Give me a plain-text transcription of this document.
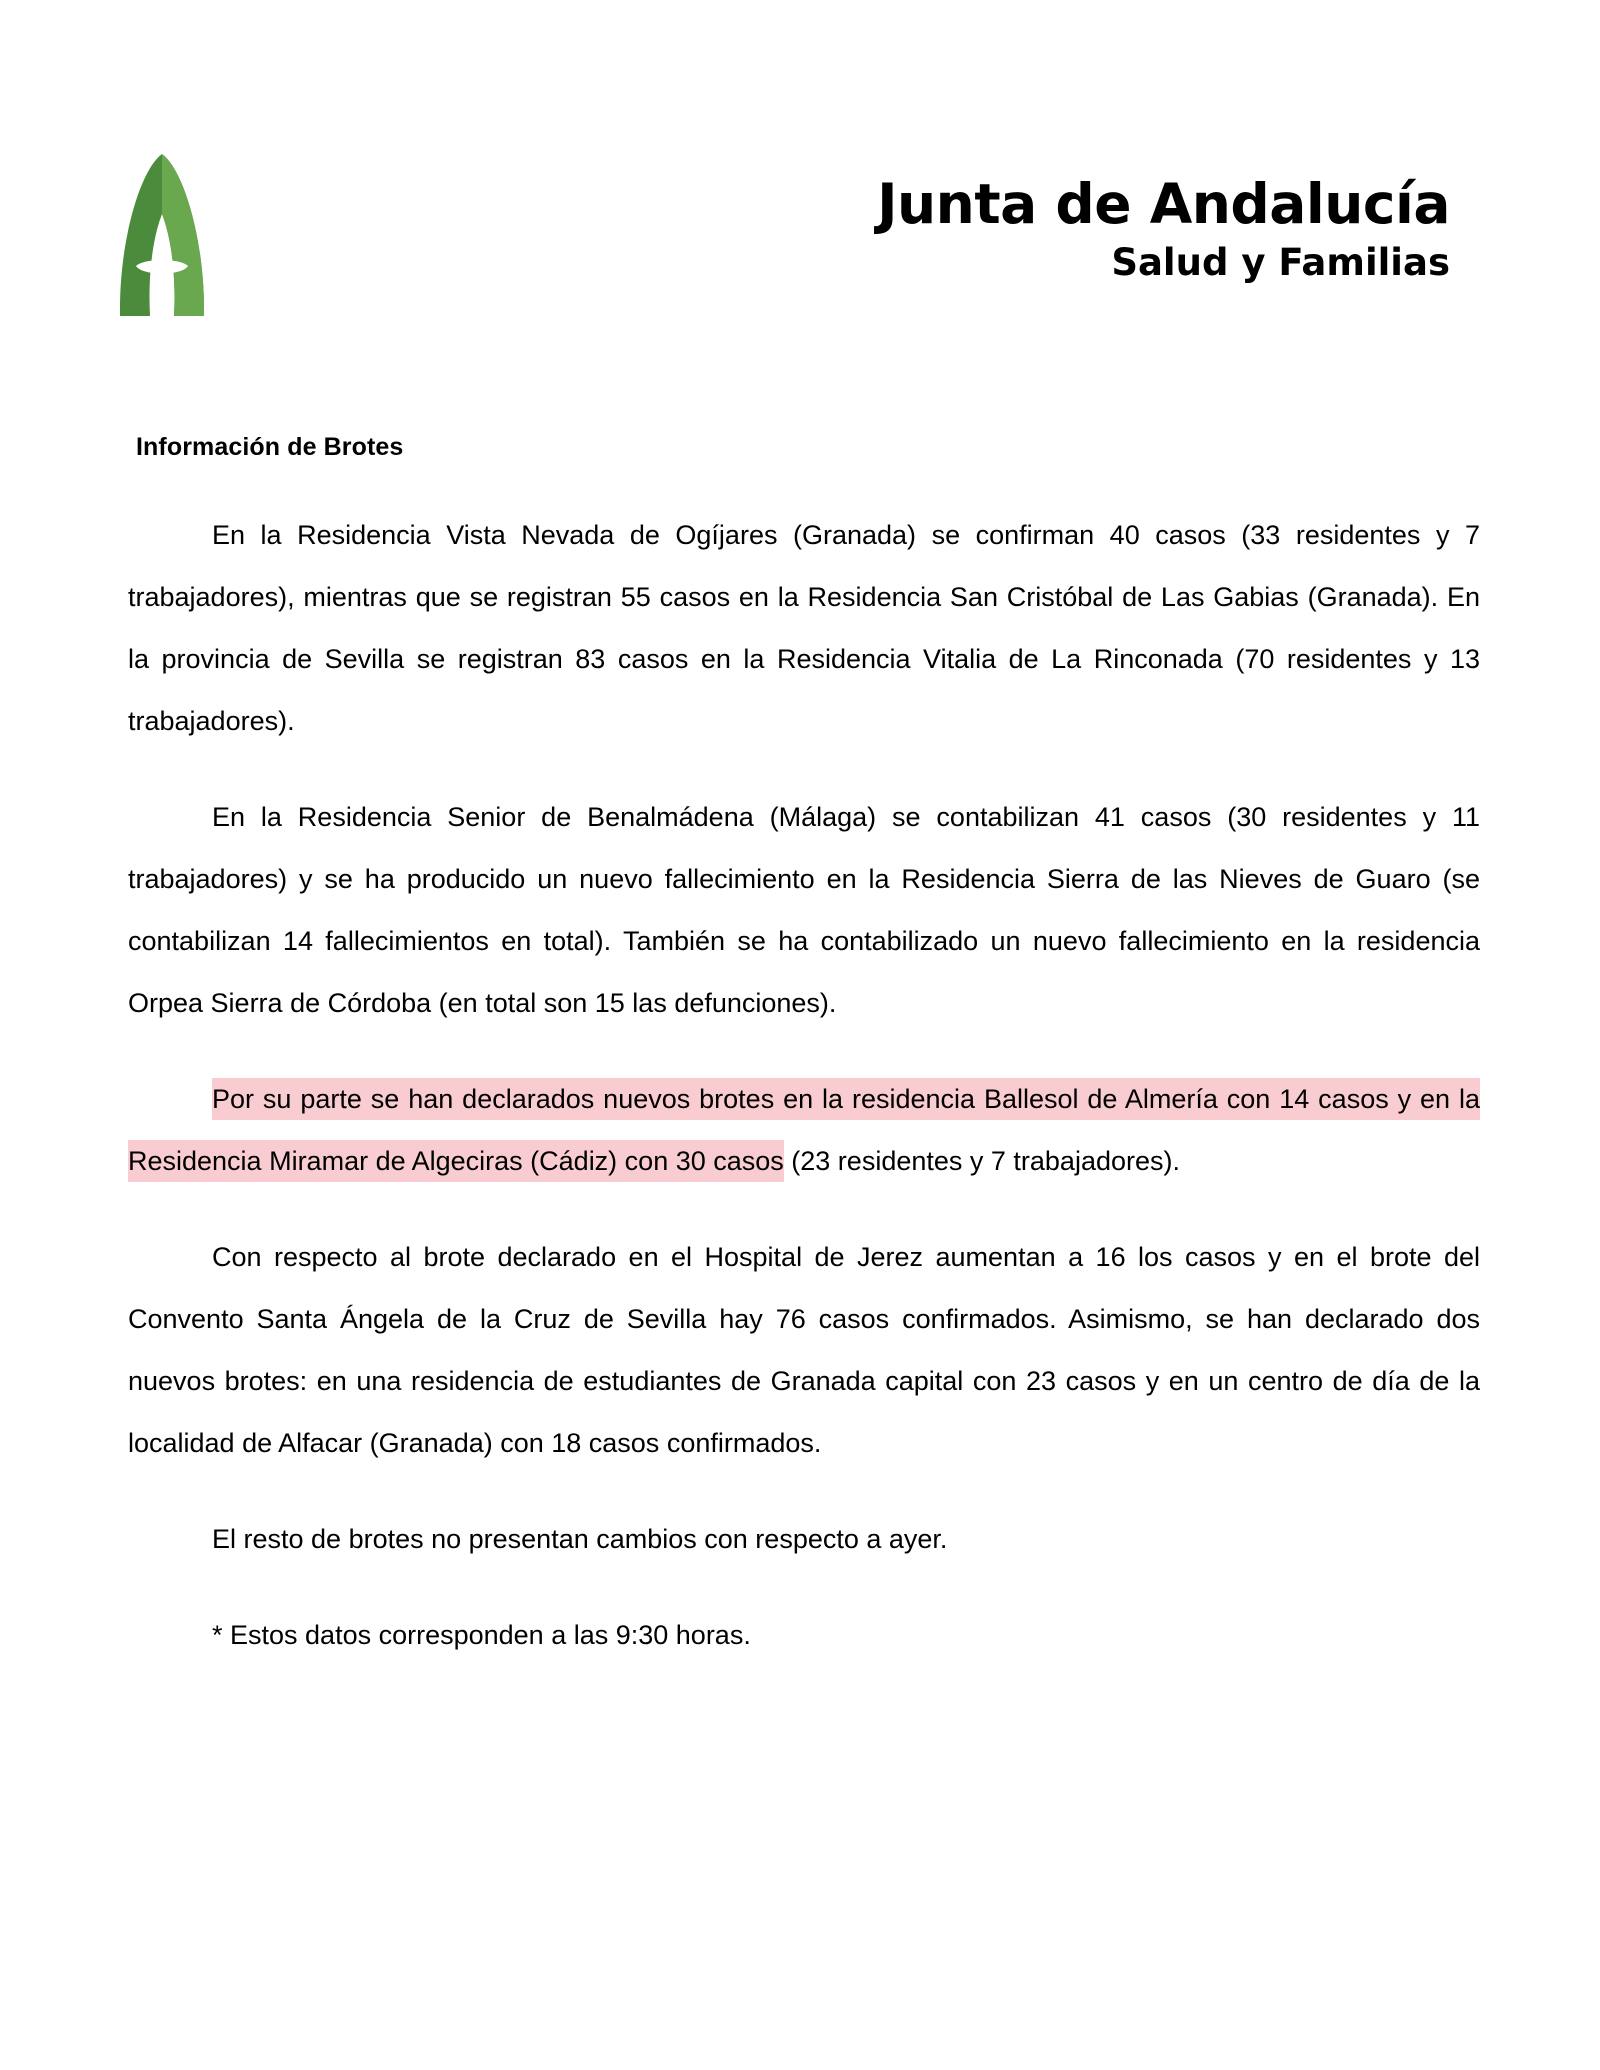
Junta de Andalucía
Salud y Familias
Información de Brotes

En la Residencia Vista Nevada de Ogíjares (Granada) se confirman 40 casos (33 residentes y 7 trabajadores), mientras que se registran 55 casos en la Residencia San Cristóbal de Las Gabias (Granada). En la provincia de Sevilla se registran 83 casos en la Residencia Vitalia de La Rinconada (70 residentes y 13 trabajadores).

En la Residencia Senior de Benalmádena (Málaga) se contabilizan 41 casos (30 residentes y 11 trabajadores) y se ha producido un nuevo fallecimiento en la Residencia Sierra de las Nieves de Guaro (se contabilizan 14 fallecimientos en total). También se ha contabilizado un nuevo fallecimiento en la residencia Orpea Sierra de Córdoba (en total son 15 las defunciones).

Por su parte se han declarados nuevos brotes en la residencia Ballesol de Almería con 14 casos y en la Residencia Miramar de Algeciras (Cádiz) con 30 casos (23 residentes y 7 trabajadores).

Con respecto al brote declarado en el Hospital de Jerez aumentan a 16 los casos y en el brote del Convento Santa Ángela de la Cruz de Sevilla hay 76 casos confirmados. Asimismo, se han declarado dos nuevos brotes: en una residencia de estudiantes de Granada capital con 23 casos y en un centro de día de la localidad de Alfacar (Granada) con 18 casos confirmados.

El resto de brotes no presentan cambios con respecto a ayer.

* Estos datos corresponden a las 9:30 horas.
